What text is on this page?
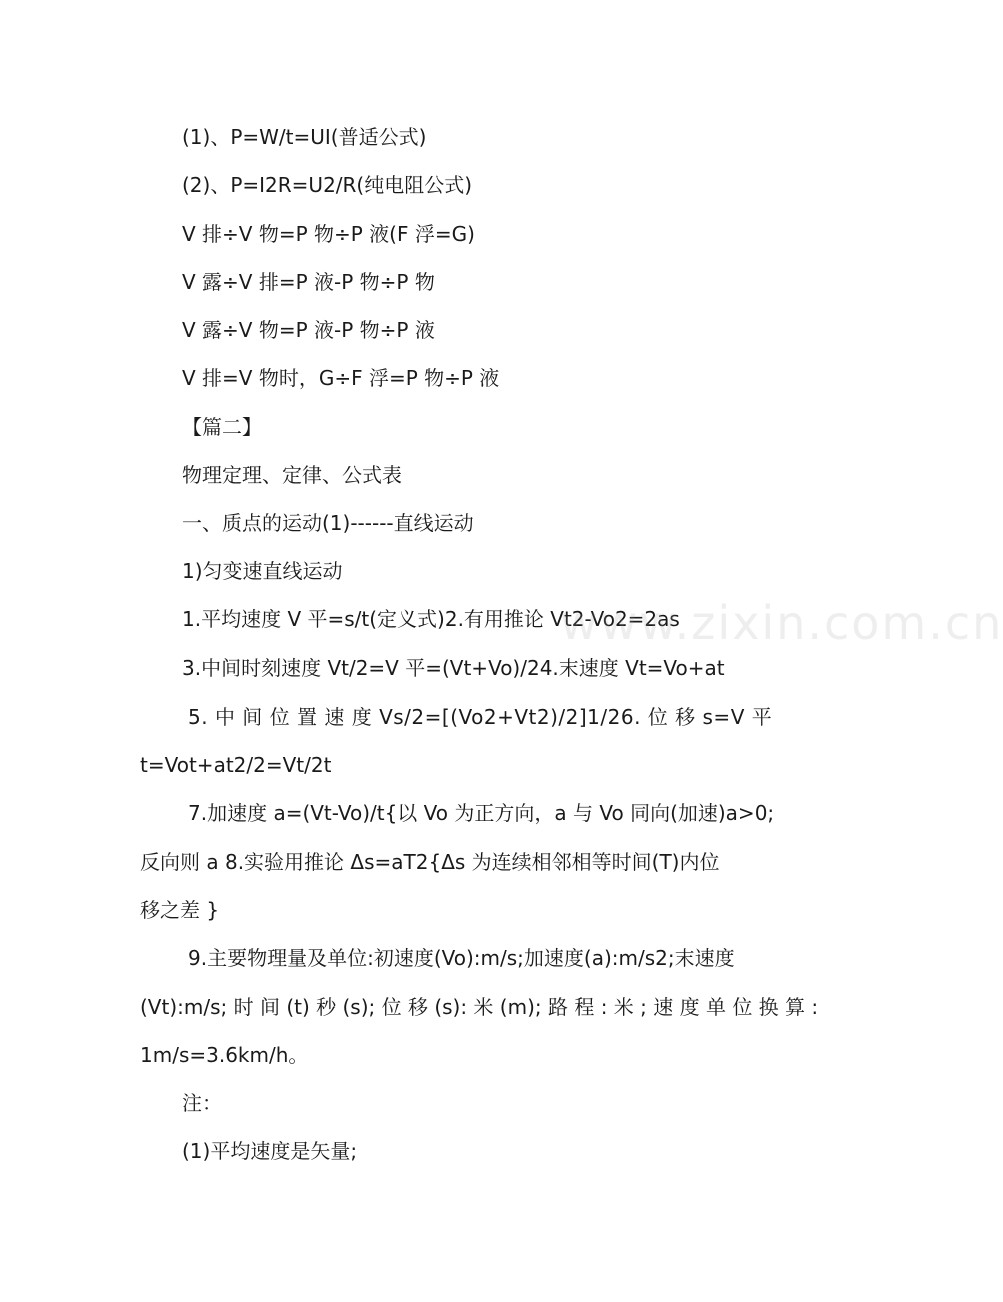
(1)、P=W/t=UI(普适公式)

(2)、P=I2R=U2/R(纯电阻公式)

V 排÷V 物=P 物÷P 液(F 浮=G)

V 露÷V 排=P 液-P 物÷P 物

V 露÷V 物=P 液-P 物÷P 液

V 排=V 物时，G÷F 浮=P 物÷P 液

【篇二】

物理定理、定律、公式表

一、质点的运动(1)------直线运动

1)匀变速直线运动

1.平均速度 V 平=s/t(定义式)2.有用推论 Vt2-Vo2=2as

3.中间时刻速度 Vt/2=V 平=(Vt+Vo)/24.末速度 Vt=Vo+at

5. 中 间 位 置 速 度 Vs/2=[(Vo2+Vt2)/2]1/26. 位 移 s=V 平

t=Vot+at2/2=Vt/2t

7.加速度 a=(Vt-Vo)/t{以 Vo 为正方向，a 与 Vo 同向(加速)a>0;

反向则 a 8.实验用推论 Δs=aT2{Δs 为连续相邻相等时间(T)内位

移之差 }

9.主要物理量及单位:初速度(Vo):m/s;加速度(a):m/s2;末速度

(Vt):m/s; 时 间 (t) 秒 (s); 位 移 (s): 米 (m); 路 程 : 米 ; 速 度 单 位 换 算 :

1m/s=3.6km/h。

注：

(1)平均速度是矢量;

www.zixin.com.cn
